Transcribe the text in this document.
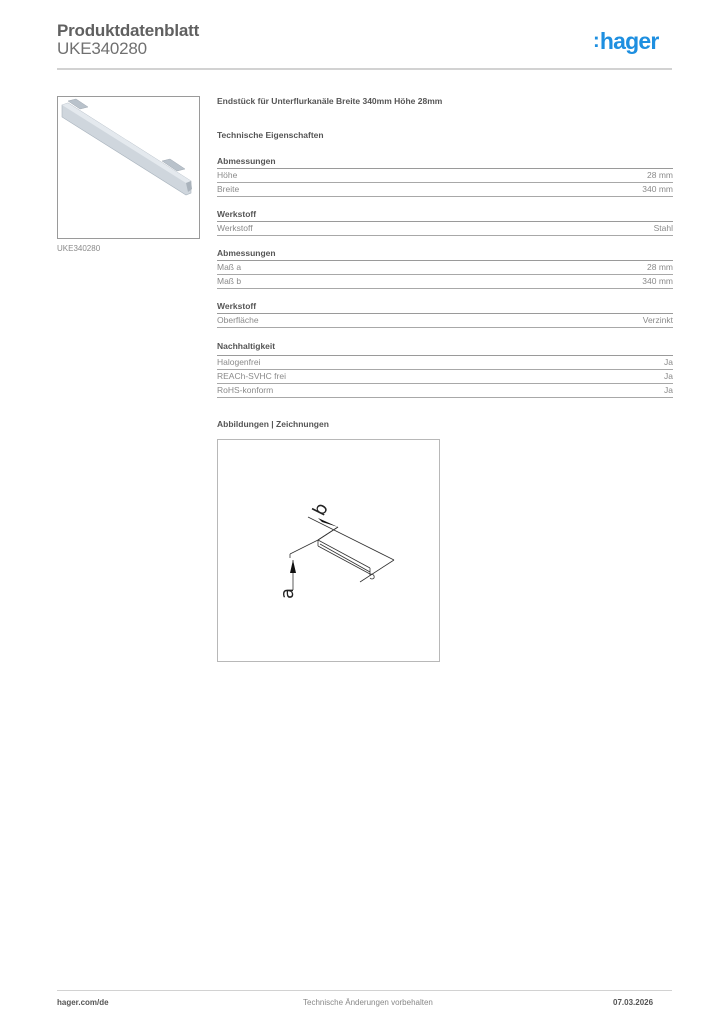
Produktdatenblatt
UKE340280	:hager
UKE340280
Endstück für Unterflurkanäle Breite 340mm Höhe 28mm
Technische Eigenschaften
Abmessungen
Höhe	28 mm
Breite	340 mm
Werkstoff
Werkstoff	Stahl
Abmessungen
Maß a	28 mm
Maß b	340 mm
Werkstoff
Oberfläche	Verzinkt
Nachhaltigkeit
Halogenfrei	Ja
REACh-SVHC frei	Ja
RoHS-konform	Ja
Abbildungen | Zeichnungen
b
a
hager.com/de	Technische Änderungen vorbehalten	07.03.2026
